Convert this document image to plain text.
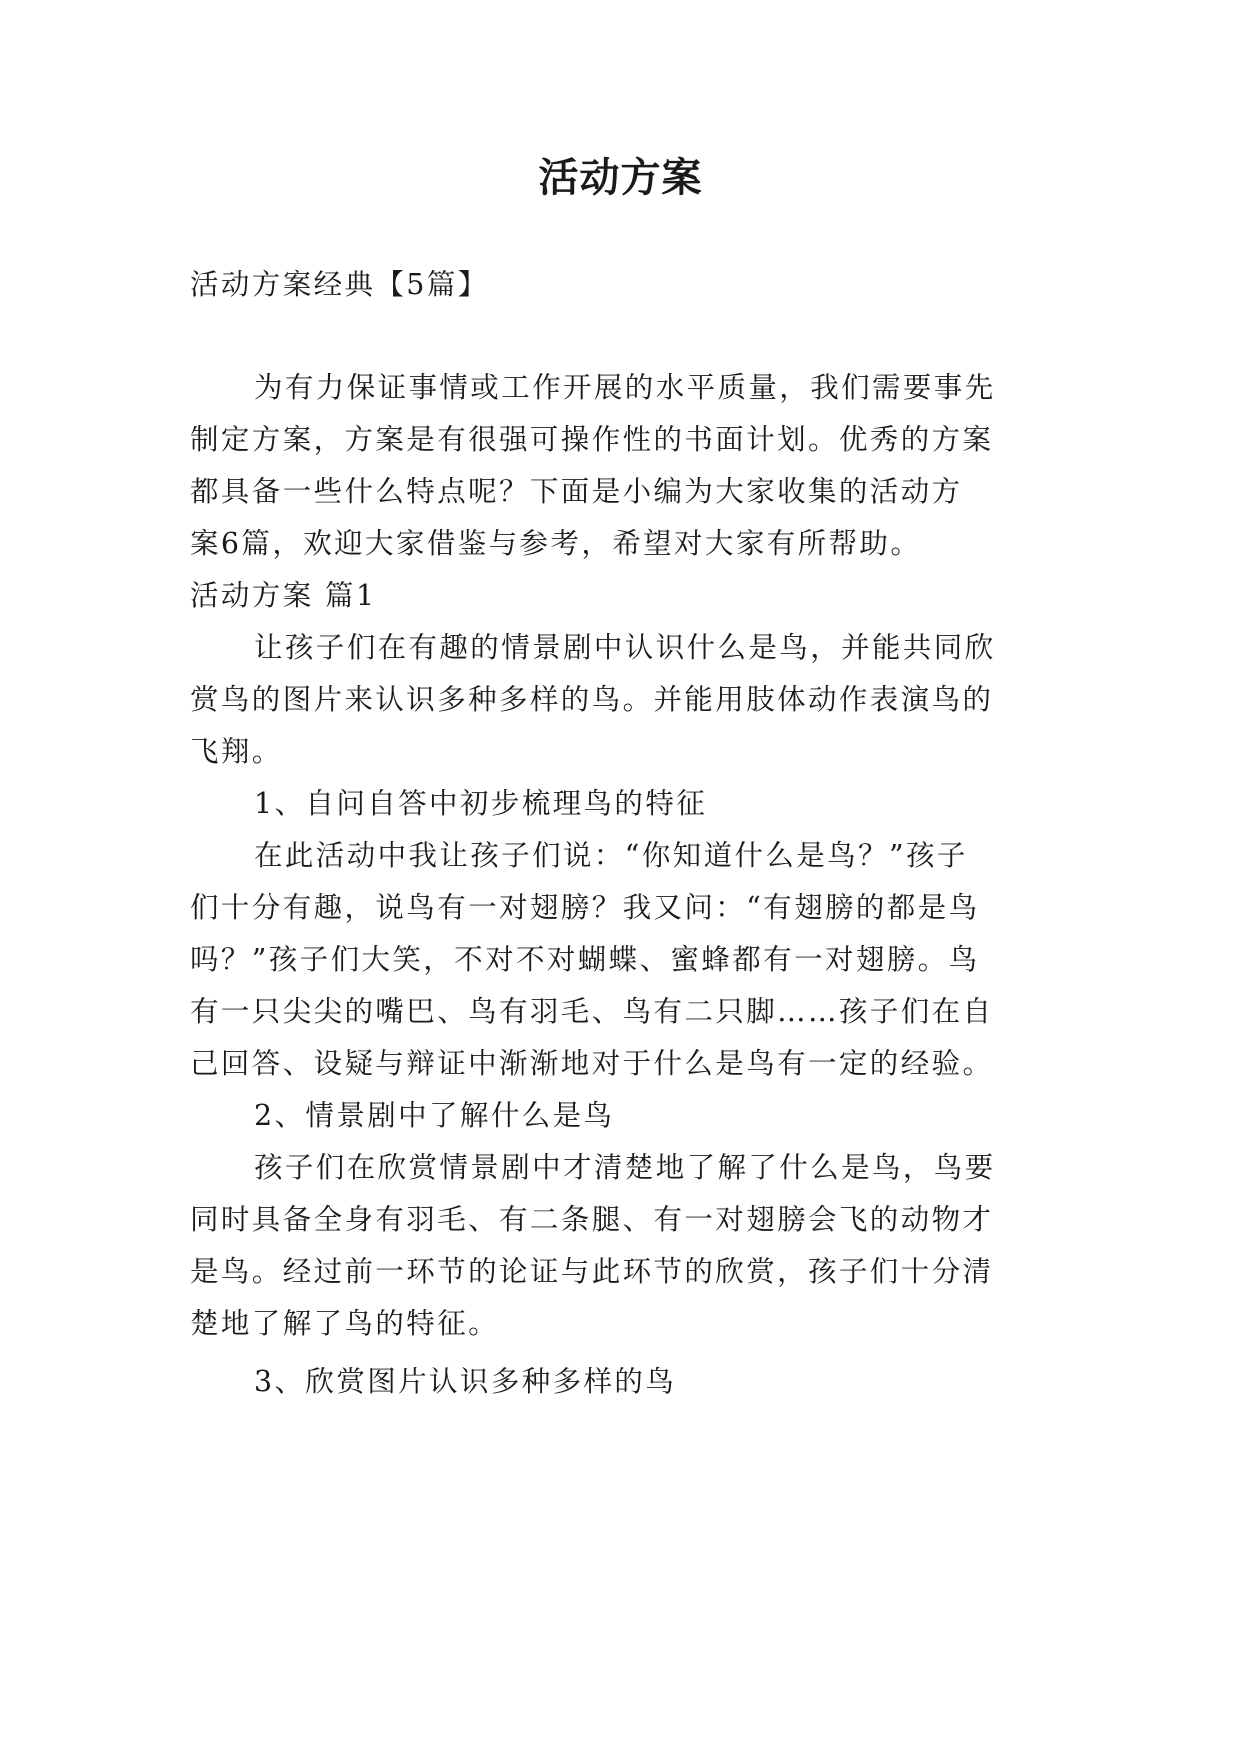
活动方案
活动方案经典【5篇】
为有力保证事情或工作开展的水平质量，我们需要事先
制定方案，方案是有很强可操作性的书面计划。优秀的方案
都具备一些什么特点呢？下面是小编为大家收集的活动方
案6篇，欢迎大家借鉴与参考，希望对大家有所帮助。
活动方案 篇1
让孩子们在有趣的情景剧中认识什么是鸟，并能共同欣
赏鸟的图片来认识多种多样的鸟。并能用肢体动作表演鸟的
飞翔。
1、自问自答中初步梳理鸟的特征
在此活动中我让孩子们说：“你知道什么是鸟？”孩子
们十分有趣，说鸟有一对翅膀？我又问：“有翅膀的都是鸟
吗？”孩子们大笑，不对不对蝴蝶、蜜蜂都有一对翅膀。鸟
有一只尖尖的嘴巴、鸟有羽毛、鸟有二只脚……孩子们在自
己回答、设疑与辩证中渐渐地对于什么是鸟有一定的经验。
2、情景剧中了解什么是鸟
孩子们在欣赏情景剧中才清楚地了解了什么是鸟，鸟要
同时具备全身有羽毛、有二条腿、有一对翅膀会飞的动物才
是鸟。经过前一环节的论证与此环节的欣赏，孩子们十分清
楚地了解了鸟的特征。
3、欣赏图片认识多种多样的鸟
